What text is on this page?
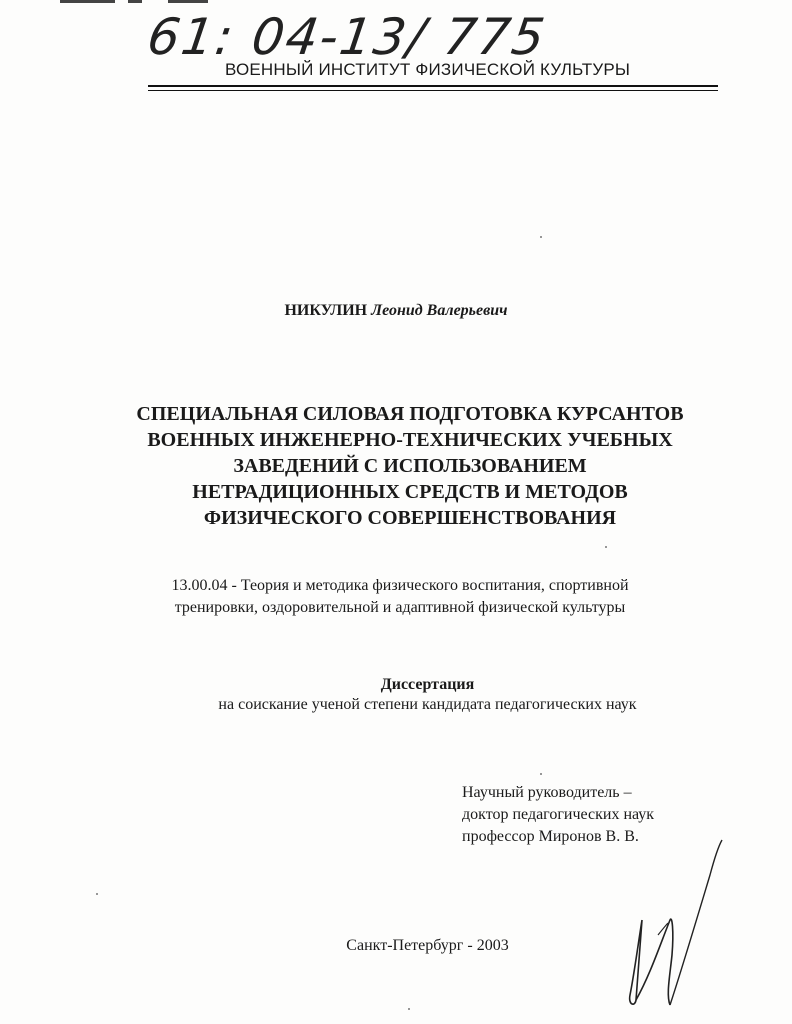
61: 04-13/ 775
ВОЕННЫЙ ИНСТИТУТ ФИЗИЧЕСКОЙ КУЛЬТУРЫ
НИКУЛИН Леонид Валерьевич
СПЕЦИАЛЬНАЯ СИЛОВАЯ ПОДГОТОВКА КУРСАНТОВ
ВОЕННЫХ ИНЖЕНЕРНО-ТЕХНИЧЕСКИХ УЧЕБНЫХ
ЗАВЕДЕНИЙ С ИСПОЛЬЗОВАНИЕМ
НЕТРАДИЦИОННЫХ СРЕДСТВ И МЕТОДОВ
ФИЗИЧЕСКОГО СОВЕРШЕНСТВОВАНИЯ
13.00.04 - Теория и методика физического воспитания, спортивной
тренировки, оздоровительной и адаптивной физической культуры
Диссертация
на соискание ученой степени кандидата педагогических наук
Научный руководитель –
доктор педагогических наук
профессор Миронов В. В.
Санкт-Петербург - 2003
